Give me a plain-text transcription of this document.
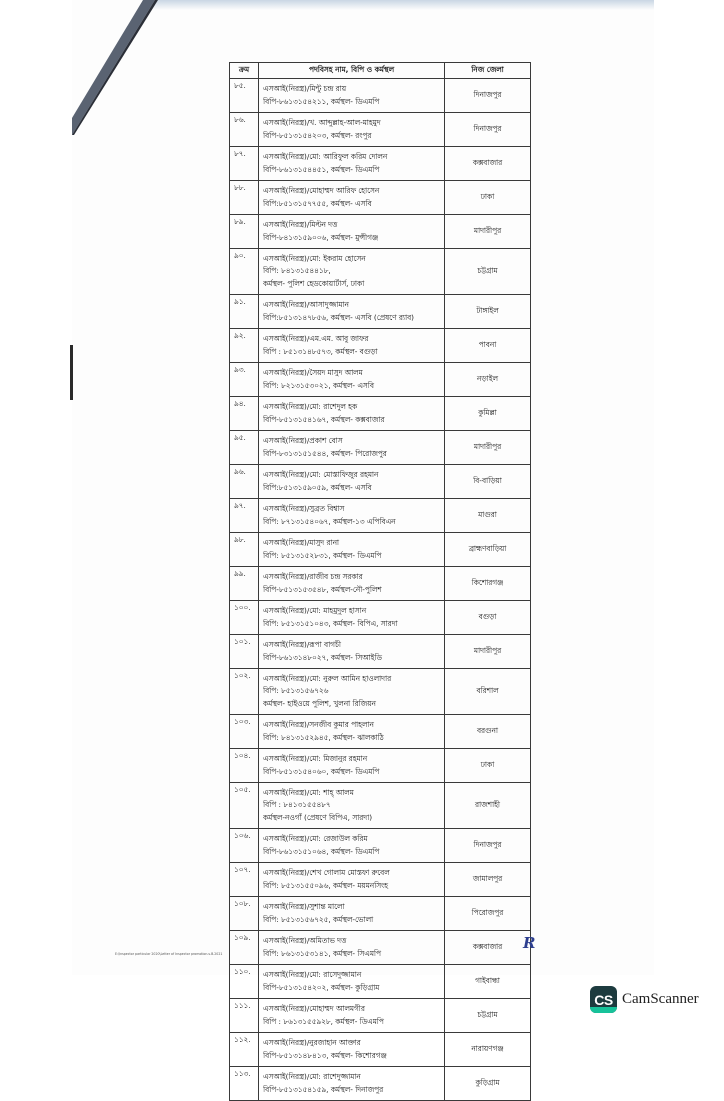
ক্রম	পদবিসহ নাম, বিপি ও কর্মস্থল	নিজ জেলা
৮৫.	এসআই(নিরস্ত্র)/মিন্টু চন্দ্র রায়
বিপি-৮৬১৩১৫৪২১১, কর্মস্থল- ডিএমপি	দিনাজপুর
৮৬.	এসআই(নিরস্ত্র)/খ. আব্দুল্লাহ-আল-মাহমুদ
বিপি-৮৫১৩১৫৪২০৩, কর্মস্থল- রংপুর	দিনাজপুর
৮৭.	এসআই(নিরস্ত্র)/মো: আরিফুল করিম দোলন
বিপি-৮৬১৩১৫৪৪৫১, কর্মস্থল- ডিএমপি	কক্সবাজার
৮৮.	এসআই(নিরস্ত্র)/মোহাম্মদ আরিফ হোসেন
বিপি:৮৫১৩১৫৭৭৫৫, কর্মস্থল- এসবি	ঢাকা
৮৯.	এসআই(নিরস্ত্র)/মিল্টন দত্ত
বিপি-৮৪১৩১৫৯০০৬, কর্মস্থল- মুন্সীগঞ্জ	মাদারীপুর
৯০.	এসআই(নিরস্ত্র)/মো: ইকরাম হোসেন
বিপি: ৮৪১৩১৫৪৪১৮,
কর্মস্থল- পুলিশ হেডকোয়ার্টার্স, ঢাকা	চট্টগ্রাম
৯১.	এসআই(নিরস্ত্র)/আসাদুজ্জামান
বিপি:৮৫১৩১৪৭৮৫৬, কর্মস্থল- এসবি (প্রেষণে র‍্যাব)	টাঙ্গাইল
৯২.	এসআই(নিরস্ত্র)/এম.এম. আবু জাফর
বিপি : ৮৫১৩১৪৮৫৭৩, কর্মস্থল- বগুড়া	পাবনা
৯৩.	এসআই(নিরস্ত্র)/সৈয়দ মাসুদ আলম
বিপি: ৮২১৩১৫৩০২১, কর্মস্থল- এসবি	নড়াইল
৯৪.	এসআই(নিরস্ত্র)/মো: রাশেদুল হক
বিপি-৮৫১৩১৫৪১৬৭, কর্মস্থল- কক্সবাজার	কুমিল্লা
৯৫.	এসআই(নিরস্ত্র)/প্রকাশ বোস
বিপি-৮৩১৩১৫১৫৪৪, কর্মস্থল- পিরোজপুর	মাদারীপুর
৯৬.	এসআই(নিরস্ত্র)/মো: মোস্তাফিজুর রহমান
বিপি:৮৫১৩১৫৯০৫৯, কর্মস্থল- এসবি	বি-বাড়িয়া
৯৭.	এসআই(নিরস্ত্র)/সুব্রত বিশ্বাস
বিপি: ৮৭১৩১৫৪০৬৭, কর্মস্থল-১৩ এপিবিএন	মাগুরা
৯৮.	এসআই(নিরস্ত্র)/মাসুদ রানা
বিপি: ৮৫১৩১৫২৮৩১, কর্মস্থল- ডিএমপি	ব্রাহ্মণবাড়িয়া
৯৯.	এসআই(নিরস্ত্র)/রাজীব চন্দ্র সরকার
বিপি-৮৫১৩১৫৩৫৪৮, কর্মস্থল-নৌ-পুলিশ	কিশোরগঞ্জ
১০০.	এসআই(নিরস্ত্র)/মো: মাহমুদুল হাসান
বিপি: ৮৫১৩১৫১০৪৩, কর্মস্থল- বিপিএ, সারদা	বগুড়া
১০১.	এসআই(নিরস্ত্র)/রূপা বাগচী
বিপি-৮৬১৩১৪৮০২৭, কর্মস্থল- সিআইডি	মাদারীপুর
১০২.	এসআই(নিরস্ত্র)/মো: নুরুল আমিন হাওলাদার
বিপি: ৮৫১৩১৫৬৭২৬
কর্মস্থল- হাইওয়ে পুলিশ, খুলনা রিজিয়ন	বরিশাল
১০৩.	এসআই(নিরস্ত্র)/সনজীব কুমার পাহলান
বিপি: ৮৪১৩১৫২৯৪৫, কর্মস্থল- ঝালকাঠি	বরগুনা
১০৪.	এসআই(নিরস্ত্র)/মো: মিজানুর রহমান
বিপি-৮৫১৩১৫৪০৬০, কর্মস্থল- ডিএমপি	ঢাকা
১০৫.	এসআই(নিরস্ত্র)/মো: শাহ্ আলম
বিপি : ৮৪১৩১৫৫৪৮৭
কর্মস্থল-নওগাঁ (প্রেষণে বিপিএ, সারদা)	রাজশাহী
১০৬.	এসআই(নিরস্ত্র)/মো: রেজাউল করিম
বিপি-৮৬১৩১৫১০৬৪, কর্মস্থল- ডিএমপি	দিনাজপুর
১০৭.	এসআই(নিরস্ত্র)/শেখ গোলাম মোস্তফা রুবেল
বিপি: ৮৫১৩১৫৫০৯৬, কর্মস্থল- ময়মনসিংহ	জামালপুর
১০৮.	এসআই(নিরস্ত্র)/সুশান্ত মালো
বিপি: ৮৫১৩১৫৬৭২৫, কর্মস্থল-ভোলা	পিরোজপুর
১০৯.	এসআই(নিরস্ত্র)/অমিতাভ দত্ত
বিপি: ৮৬১৩১৫৩১৪১, কর্মস্থল- সিএমপি	কক্সবাজার
১১০.	এসআই(নিরস্ত্র)/মো: রাসেদুজ্জামান
বিপি-৮৫১৩১৫৪২০২, কর্মস্থল- কুড়িগ্রাম	গাইবান্ধা
১১১.	এসআই(নিরস্ত্র)/মোহাম্মদ আলমগীর
বিপি : ৮৬১৩১৫৫৯২৮, কর্মস্থল- ডিএমপি	চট্টগ্রাম
১১২.	এসআই(নিরস্ত্র)/নুরজাহান আক্তার
বিপি-৮৫১৩১৪৮৪১৩, কর্মস্থল- কিশোরগঞ্জ	নারায়ণগঞ্জ
১১৩.	এসআই(নিরস্ত্র)/মো: রাশেদুজ্জামান
বিপি-৮৫১৩১৫৪১৫৯, কর্মস্থল- দিনাজপুর	কুড়িগ্রাম
E:\Inspector particular 2020\Letter of Inspector promotion.s.B.2021
R
CS CamScanner
